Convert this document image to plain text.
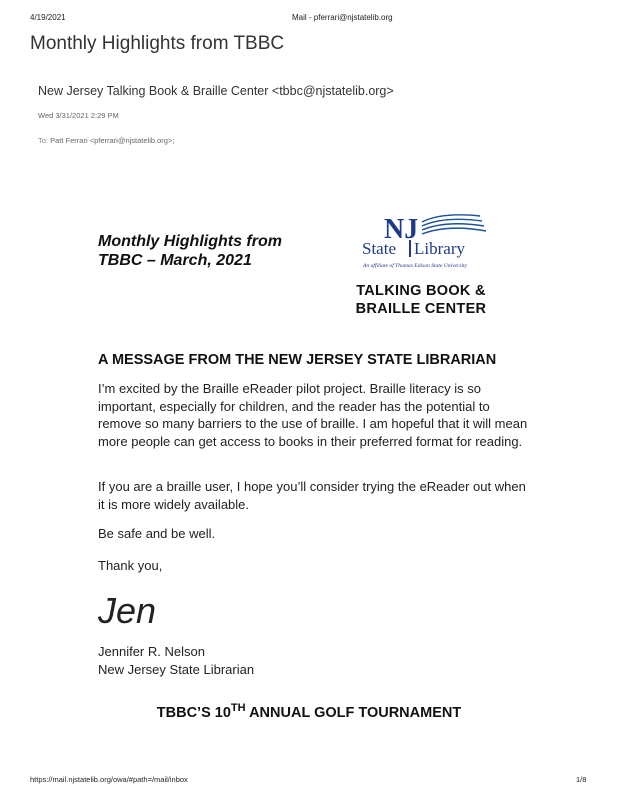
4/19/2021	Mail - pferrari@njstatelib.org
Monthly Highlights from TBBC
New Jersey Talking Book & Braille Center <tbbc@njstatelib.org>
Wed 3/31/2021 2:29 PM
To: Patt Ferrari <pferrari@njstatelib.org>;
Monthly Highlights from
TBBC – March, 2021
NJ
State Library
An affiliate of Thomas Edison State University
TALKING BOOK &
BRAILLE CENTER
A MESSAGE FROM THE NEW JERSEY STATE LIBRARIAN
I’m excited by the Braille eReader pilot project. Braille literacy is so important, especially for children, and the reader has the potential to remove so many barriers to the use of braille. I am hopeful that it will mean more people can get access to books in their preferred format for reading.
If you are a braille user, I hope you’ll consider trying the eReader out when it is more widely available.
Be safe and be well.
Thank you,
Jen
Jennifer R. Nelson
New Jersey State Librarian
TBBC’S 10TH ANNUAL GOLF TOURNAMENT
https://mail.njstatelib.org/owa/#path=/mail/inbox	1/8
